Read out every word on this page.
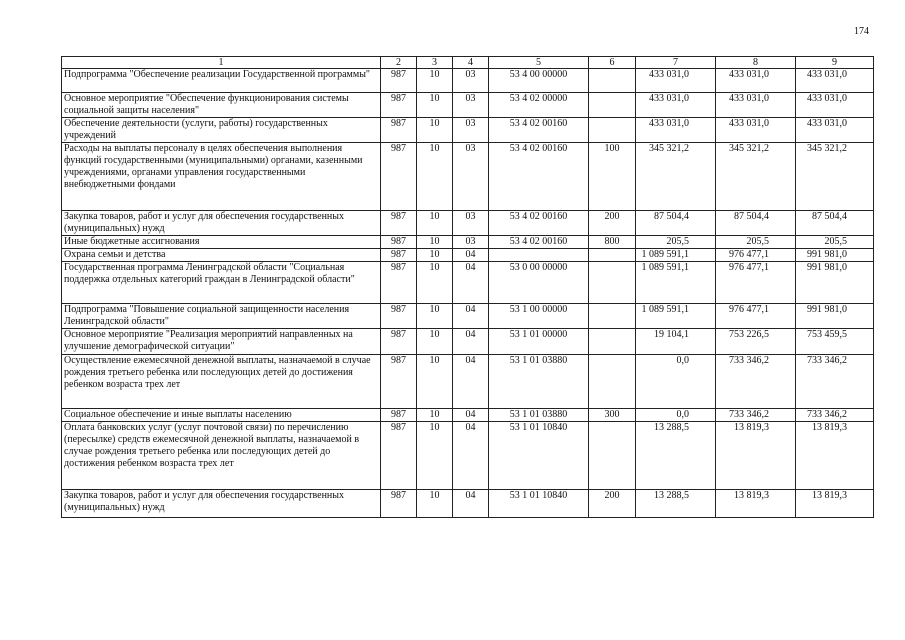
174
1	2	3	4	5	6	7	8	9
Подпрограмма "Обеспечение реализации Государственной программы"	987	10	03	53 4 00 00000		433 031,0	433 031,0	433 031,0
Основное мероприятие "Обеспечение функционирования системы социальной защиты населения"	987	10	03	53 4 02 00000		433 031,0	433 031,0	433 031,0
Обеспечение деятельности (услуги, работы) государственных учреждений	987	10	03	53 4 02 00160		433 031,0	433 031,0	433 031,0
Расходы на выплаты персоналу в целях обеспечения выполнения функций государственными (муниципальными) органами, казенными учреждениями, органами управления государственными внебюджетными фондами	987	10	03	53 4 02 00160	100	345 321,2	345 321,2	345 321,2
Закупка товаров, работ и услуг для обеспечения государственных (муниципальных) нужд	987	10	03	53 4 02 00160	200	87 504,4	87 504,4	87 504,4
Иные бюджетные ассигнования	987	10	03	53 4 02 00160	800	205,5	205,5	205,5
Охрана семьи и детства	987	10	04			1 089 591,1	976 477,1	991 981,0
Государственная программа Ленинградской области "Социальная поддержка отдельных категорий граждан в Ленинградской области"	987	10	04	53 0 00 00000		1 089 591,1	976 477,1	991 981,0
Подпрограмма "Повышение социальной защищенности населения Ленинградской области"	987	10	04	53 1 00 00000		1 089 591,1	976 477,1	991 981,0
Основное мероприятие "Реализация мероприятий направленных на улучшение демографической ситуации"	987	10	04	53 1 01 00000		19 104,1	753 226,5	753 459,5
Осуществление ежемесячной денежной выплаты, назначаемой в случае рождения третьего ребенка или последующих детей до достижения ребенком возраста трех лет	987	10	04	53 1 01 03880		0,0	733 346,2	733 346,2
Социальное обеспечение и иные выплаты населению	987	10	04	53 1 01 03880	300	0,0	733 346,2	733 346,2
Оплата банковских услуг (услуг почтовой связи) по перечислению (пересылке) средств ежемесячной денежной выплаты, назначаемой в случае рождения третьего ребенка или последующих детей до достижения ребенком возраста трех лет	987	10	04	53 1 01 10840		13 288,5	13 819,3	13 819,3
Закупка товаров, работ и услуг для обеспечения государственных (муниципальных) нужд	987	10	04	53 1 01 10840	200	13 288,5	13 819,3	13 819,3
